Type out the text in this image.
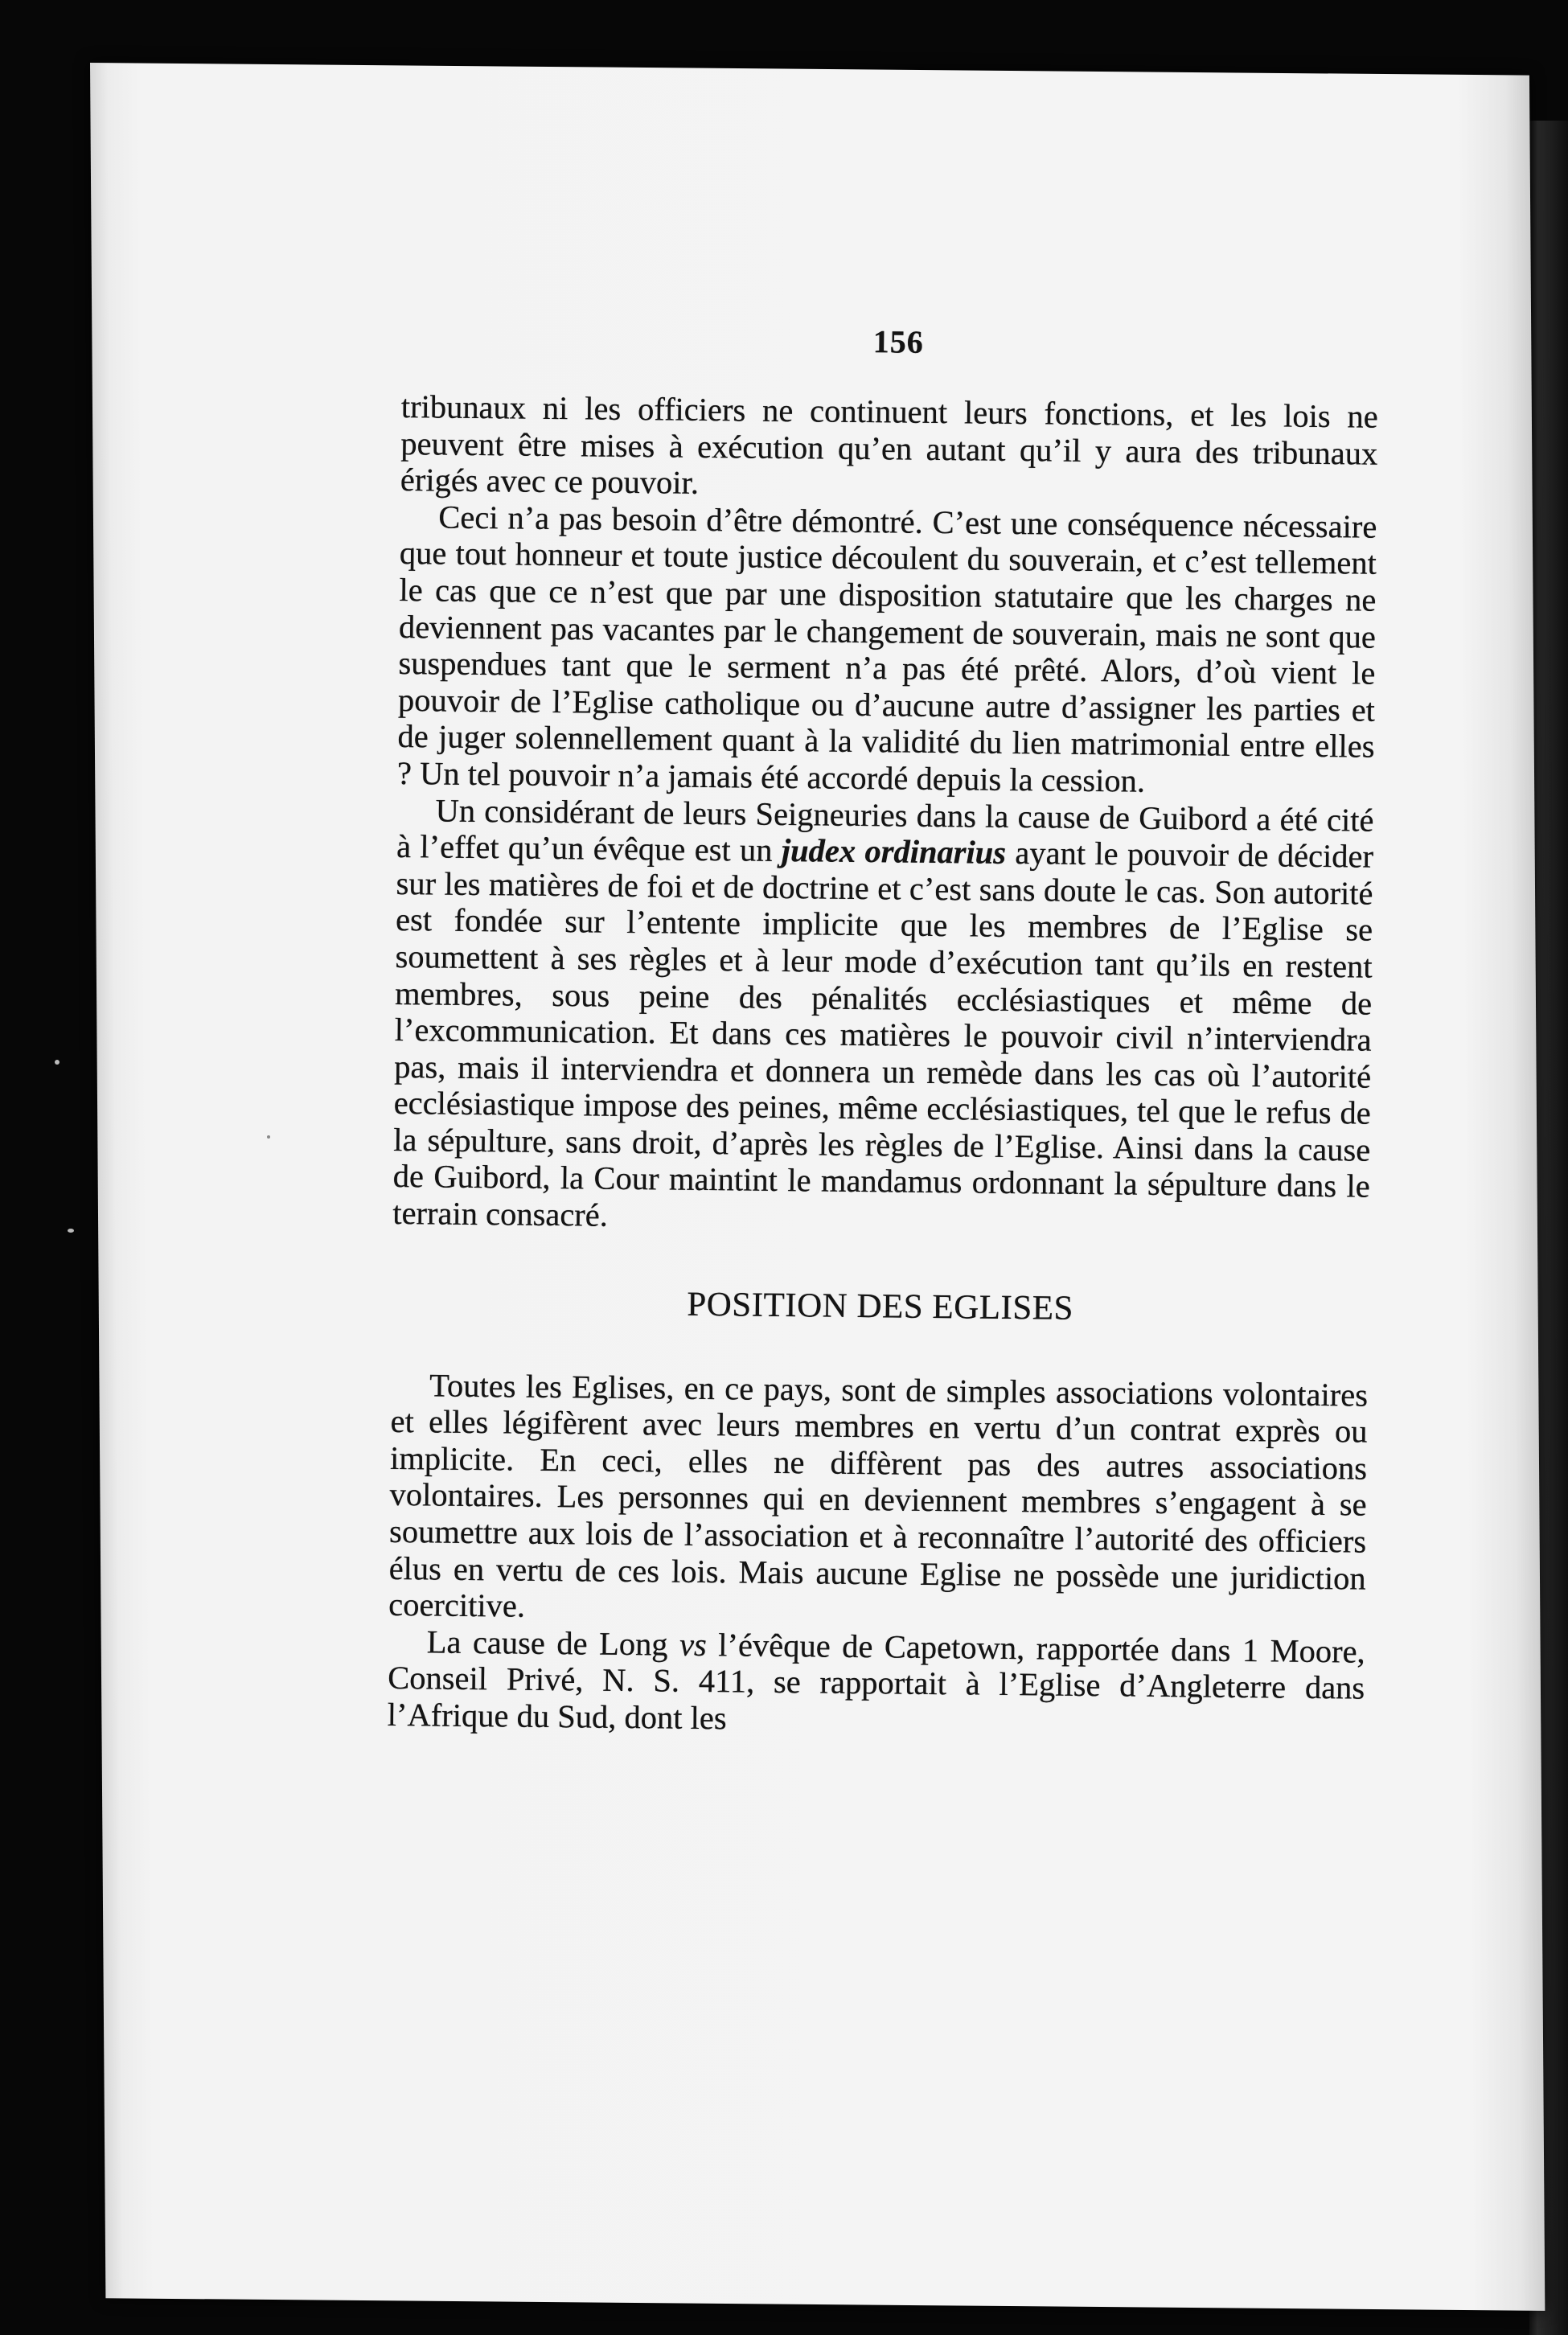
156

tribunaux ni les officiers ne continuent leurs fonctions, et les lois ne peuvent être mises à exécution qu’en autant qu’il y aura des tribunaux érigés avec ce pouvoir.

Ceci n’a pas besoin d’être démontré. C’est une conséquence nécessaire que tout honneur et toute justice découlent du souverain, et c’est tellement le cas que ce n’est que par une disposition statutaire que les charges ne deviennent pas vacantes par le changement de souverain, mais ne sont que suspendues tant que le serment n’a pas été prêté. Alors, d’où vient le pouvoir de l’Eglise catholique ou d’aucune autre d’assigner les parties et de juger solennellement quant à la validité du lien matrimonial entre elles ? Un tel pouvoir n’a jamais été accordé depuis la cession.

Un considérant de leurs Seigneuries dans la cause de Guibord a été cité à l’effet qu’un évêque est un judex ordinarius ayant le pouvoir de décider sur les matières de foi et de doctrine et c’est sans doute le cas. Son autorité est fondée sur l’entente implicite que les membres de l’Eglise se soumettent à ses règles et à leur mode d’exécution tant qu’ils en restent membres, sous peine des pénalités ecclésiastiques et même de l’excommunication. Et dans ces matières le pouvoir civil n’interviendra pas, mais il interviendra et donnera un remède dans les cas où l’autorité ecclésiastique impose des peines, même ecclésiastiques, tel que le refus de la sépulture, sans droit, d’après les règles de l’Eglise. Ainsi dans la cause de Guibord, la Cour maintint le mandamus ordonnant la sépulture dans le terrain consacré.

POSITION DES EGLISES

Toutes les Eglises, en ce pays, sont de simples associations volontaires et elles légifèrent avec leurs membres en vertu d’un contrat exprès ou implicite. En ceci, elles ne diffèrent pas des autres associations volontaires. Les personnes qui en deviennent membres s’engagent à se soumettre aux lois de l’association et à reconnaître l’autorité des officiers élus en vertu de ces lois. Mais aucune Eglise ne possède une juridiction coercitive.

La cause de Long vs l’évêque de Capetown, rapportée dans 1 Moore, Conseil Privé, N. S. 411, se rapportait à l’Eglise d’Angleterre dans l’Afrique du Sud, dont les
